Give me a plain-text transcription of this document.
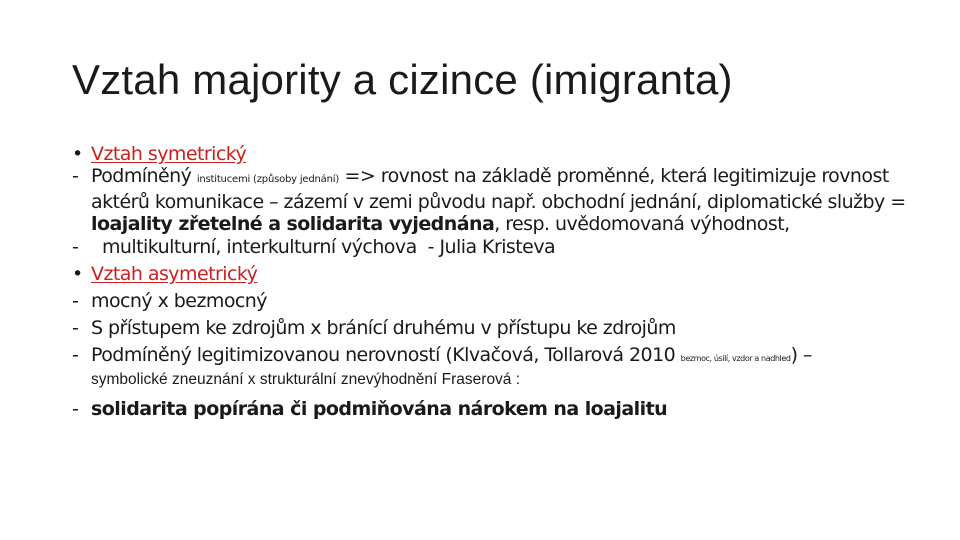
Vztah majority a cizince (imigranta)
• Vztah symetrický
- Podmíněný institucemi (způsoby jednání) => rovnost na základě proměnné, která legitimizuje rovnost aktérů komunikace – zázemí v zemi původu např. obchodní jednání, diplomatické služby = loajality zřetelné a solidarita vyjednána, resp. uvědomovaná výhodnost,
- multikulturní, interkulturní výchova  - Julia Kristeva
• Vztah asymetrický
- mocný x bezmocný
- S přístupem ke zdrojům x bránící druhému v přístupu ke zdrojům
- Podmíněný legitimizovanou nerovností (Klvačová, Tollarová 2010 bezmoc, úsilí, vzdor a nadhled) –
symbolické zneuznání x strukturální znevýhodnění Fraserová :
- solidarita popírána či podmiňována nárokem na loajalitu
